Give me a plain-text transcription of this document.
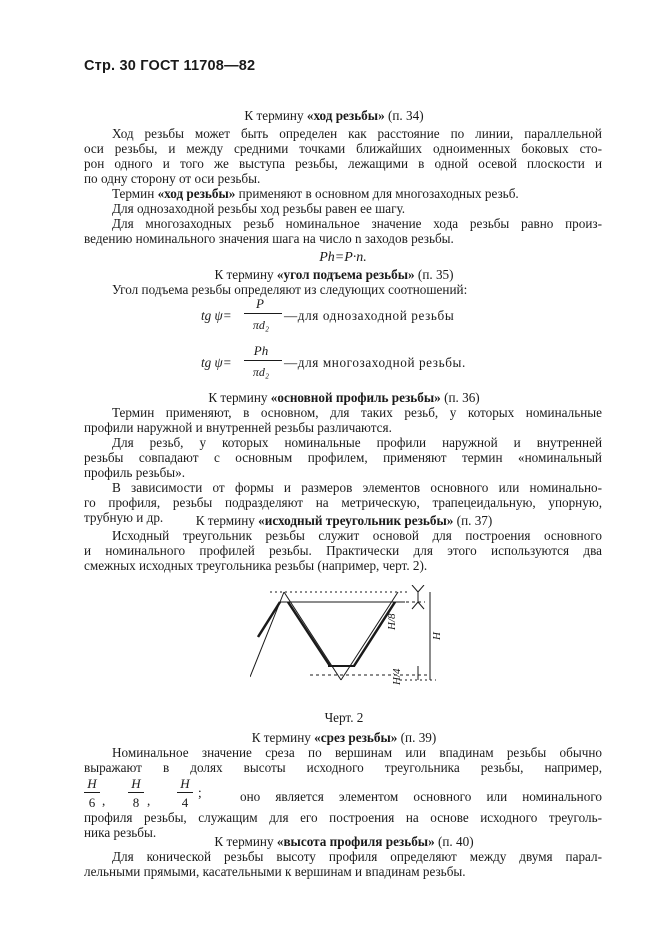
Стр. 30 ГОСТ 11708—82
К термину «ход резьбы» (п. 34)
Ход резьбы может быть определен как расстояние по линии, параллельной
оси резьбы, и между средними точками ближайших одноименных боковых сто-
рон одного и того же выступа резьбы, лежащими в одной осевой плоскости и
по одну сторону от оси резьбы.
Термин «ход резьбы» применяют в основном для многозаходных резьб.
Для однозаходной резьбы ход резьбы равен ее шагу.
Для многозаходных резьб номинальное значение хода резьбы равно произ-
ведению номинального значения шага на число n заходов резьбы.
Ph=P·n.
К термину «угол подъема резьбы» (п. 35)
Угол подъема резьбы определяют из следующих соотношений:
tg ψ=
P
πd₂
—для однозаходной резьбы
tg ψ=
Ph
πd₂
—для многозаходной резьбы.
К термину «основной профиль резьбы» (п. 36)
Термин применяют, в основном, для таких резьб, у которых номинальные
профили наружной и внутренней резьбы различаются.
Для резьб, у которых номинальные профили наружной и внутренней
резьбы совпадают с основным профилем, применяют термин «номинальный
профиль резьбы».
В зависимости от формы и размеров элементов основного или номинально-
го профиля, резьбы подразделяют на метрическую, трапецеидальную, упорную,
трубную и др.	К термину «исходный треугольник резьбы» (п. 37)
Исходный треугольник резьбы служит основой для построения основного
и номинального профилей резьбы. Практически для этого используются два
смежных исходных треугольника резьбы (например, черт. 2).
H/8
H
H/4
Черт. 2
К термину «срез резьбы» (п. 39)
Номинальное значение среза по вершинам или впадинам резьбы обычно
выражают в долях высоты исходного треугольника резьбы, например,
H
6 ,
H
8 ,
H
4
;	оно является элементом основного или номинального
профиля резьбы, служащим для его построения на основе исходного треуголь-
ника резьбы.
К термину «высота профиля резьбы» (п. 40)
Для конической резьбы высоту профиля определяют между двумя парал-
лельными прямыми, касательными к вершинам и впадинам резьбы.
